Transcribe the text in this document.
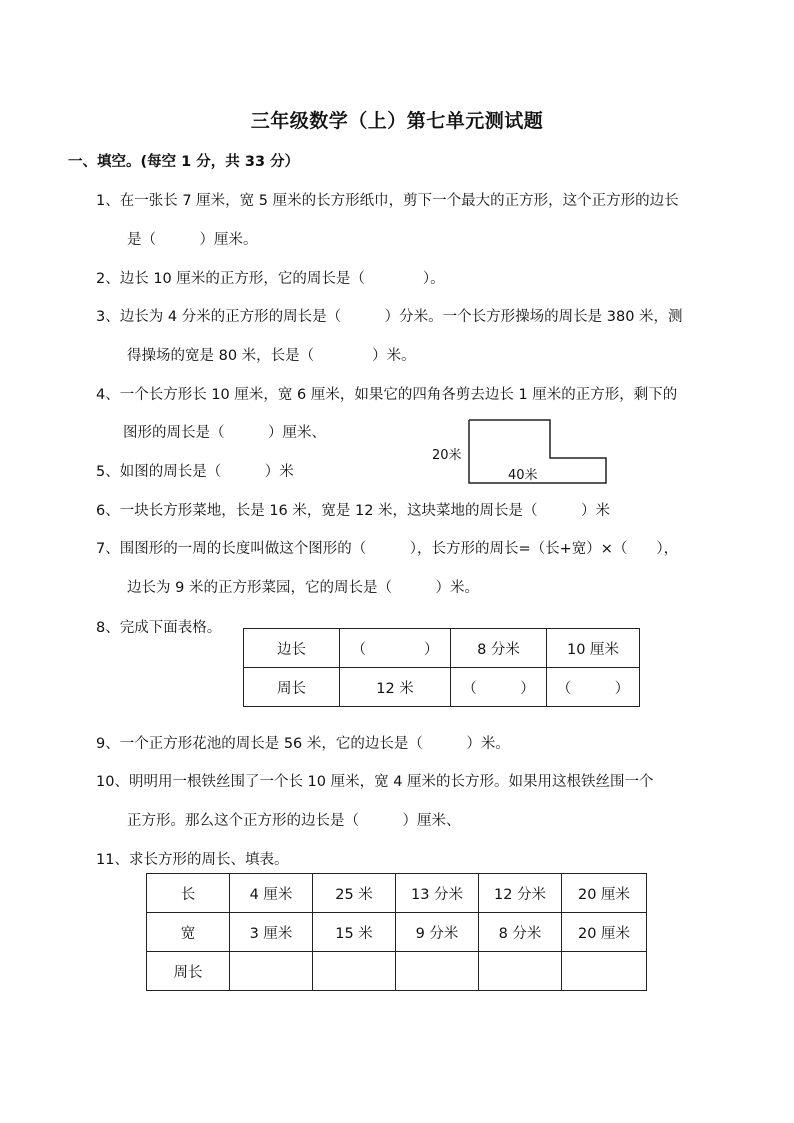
三年级数学（上）第七单元测试题
一、填空。(每空 1 分，共 33 分）
1、在一张长 7 厘米，宽 5 厘米的长方形纸巾，剪下一个最大的正方形，这个正方形的边长
是（　　　）厘米。
2、边长 10 厘米的正方形，它的周长是（　　　　）。
3、边长为 4 分米的正方形的周长是（　　　）分米。一个长方形操场的周长是 380 米，测
得操场的宽是 80 米，长是（　　　　）米。
4、一个长方形长 10 厘米，宽 6 厘米，如果它的四角各剪去边长 1 厘米的正方形，剩下的
图形的周长是（　　　）厘米、
5、如图的周长是（　　　）米
20米
40米
6、一块长方形菜地，长是 16 米，宽是 12 米，这块菜地的周长是（　　　）米
7、围图形的一周的长度叫做这个图形的（　　　），长方形的周长=（长+宽）×（　　），
边长为 9 米的正方形菜园，它的周长是（　　　）米。
8、完成下面表格。
边长	（　　　　）	8 分米	10 厘米
周长	12 米	（　　　）	（　　　）
9、一个正方形花池的周长是 56 米，它的边长是（　　　）米。
10、明明用一根铁丝围了一个长 10 厘米，宽 4 厘米的长方形。如果用这根铁丝围一个
正方形。那么这个正方形的边长是（　　　）厘米、
11、求长方形的周长、填表。
长	4 厘米	25 米	13 分米	12 分米	20 厘米
宽	3 厘米	15 米	9 分米	8 分米	20 厘米
周长					
